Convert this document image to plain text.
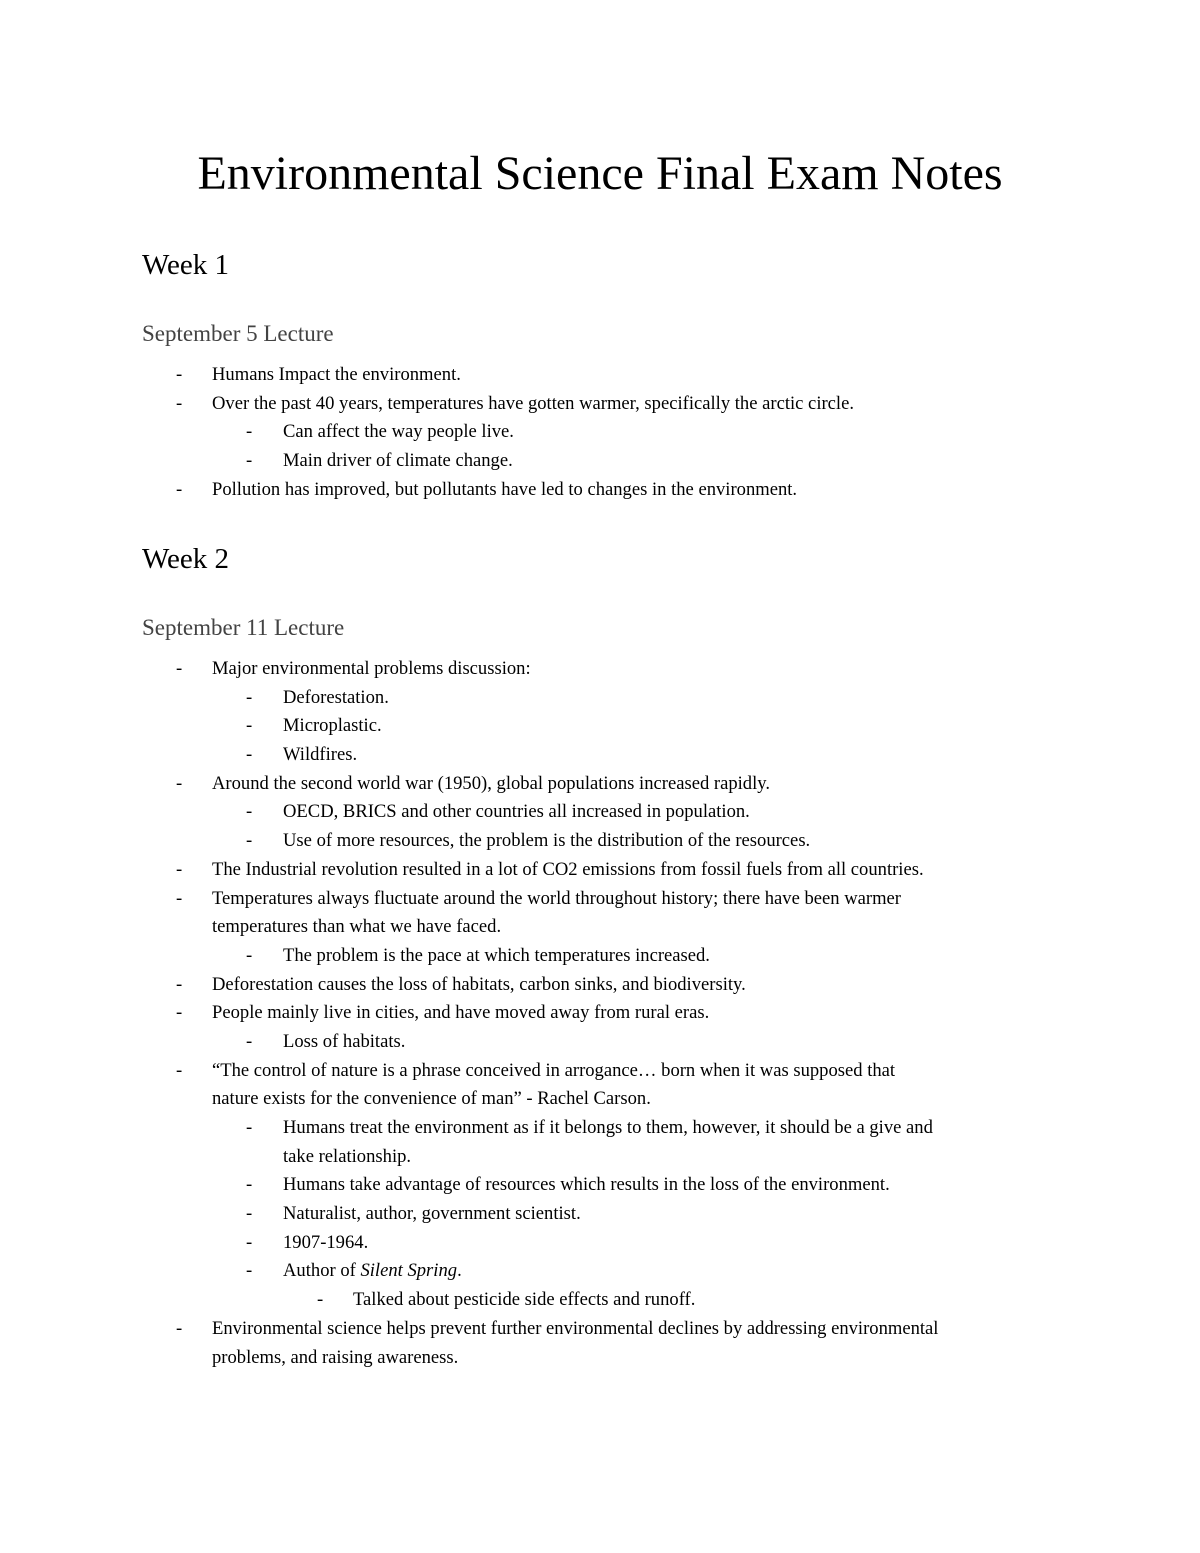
Environmental Science Final Exam Notes
Week 1
September 5 Lecture
- Humans Impact the environment.
- Over the past 40 years, temperatures have gotten warmer, specifically the arctic circle.
- Can affect the way people live.
- Main driver of climate change.
- Pollution has improved, but pollutants have led to changes in the environment.
Week 2
September 11 Lecture
- Major environmental problems discussion:
- Deforestation.
- Microplastic.
- Wildfires.
- Around the second world war (1950), global populations increased rapidly.
- OECD, BRICS and other countries all increased in population.
- Use of more resources, the problem is the distribution of the resources.
- The Industrial revolution resulted in a lot of CO2 emissions from fossil fuels from all countries.
- Temperatures always fluctuate around the world throughout history; there have been warmer
temperatures than what we have faced.
- The problem is the pace at which temperatures increased.
- Deforestation causes the loss of habitats, carbon sinks, and biodiversity.
- People mainly live in cities, and have moved away from rural eras.
- Loss of habitats.
- “The control of nature is a phrase conceived in arrogance… born when it was supposed that
nature exists for the convenience of man” - Rachel Carson.
- Humans treat the environment as if it belongs to them, however, it should be a give and
take relationship.
- Humans take advantage of resources which results in the loss of the environment.
- Naturalist, author, government scientist.
- 1907-1964.
- Author of Silent Spring.
- Talked about pesticide side effects and runoff.
- Environmental science helps prevent further environmental declines by addressing environmental
problems, and raising awareness.
